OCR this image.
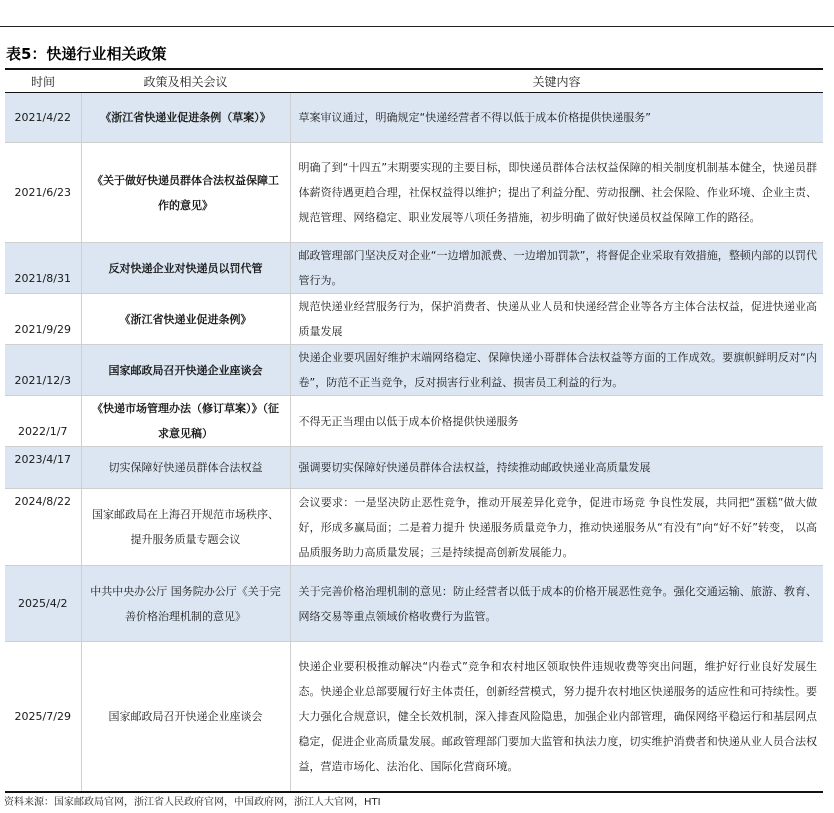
表5：快递行业相关政策
时间	政策及相关会议	关键内容
2021/4/22	《浙江省快递业促进条例（草案）》	草案审议通过，明确规定“快递经营者不得以低于成本价格提供快递服务”
2021/6/23	《关于做好快递员群体合法权益保障工作的意见》	明确了到“十四五”末期要实现的主要目标，即快递员群体合法权益保障的相关制度机制基本健全，快递员群体薪资待遇更趋合理，社保权益得以维护；提出了利益分配、劳动报酬、社会保险、作业环境、企业主责、规范管理、网络稳定、职业发展等八项任务措施，初步明确了做好快递员权益保障工作的路径。
2021/8/31	反对快递企业对快递员以罚代管	邮政管理部门坚决反对企业“一边增加派费、一边增加罚款”，将督促企业采取有效措施，整顿内部的以罚代管行为。
2021/9/29	《浙江省快递业促进条例》	规范快递业经营服务行为，保护消费者、快递从业人员和快递经营企业等各方主体合法权益，促进快递业高质量发展
2021/12/3	国家邮政局召开快递企业座谈会	快递企业要巩固好维护末端网络稳定、保障快递小哥群体合法权益等方面的工作成效。要旗帜鲜明反对“内卷”，防范不正当竞争，反对损害行业利益、损害员工利益的行为。
2022/1/7	《快递市场管理办法（修订草案）》（征求意见稿）	不得无正当理由以低于成本价格提供快递服务
2023/4/17	切实保障好快递员群体合法权益	强调要切实保障好快递员群体合法权益，持续推动邮政快递业高质量发展
2024/8/22	国家邮政局在上海召开规范市场秩序、 提升服务质量专题会议	会议要求：一是坚决防止恶性竞争，推动开展差异化竞争，促进市场竞 争良性发展，共同把“蛋糕”做大做好，形成多赢局面；二是着力提升 快递服务质量竞争力，推动快递服务从“有没有”向“好不好”转变， 以高品质服务助力高质量发展；三是持续提高创新发展能力。
2025/4/2	中共中央办公厅 国务院办公厅《关于完善价格治理机制的意见》	关于完善价格治理机制的意见：防止经营者以低于成本的价格开展恶性竞争。强化交通运输、旅游、教育、网络交易等重点领域价格收费行为监管。
2025/7/29	国家邮政局召开快递企业座谈会	快递企业要积极推动解决“内卷式”竞争和农村地区领取快件违规收费等突出问题，维护好行业良好发展生态。快递企业总部要履行好主体责任，创新经营模式，努力提升农村地区快递服务的适应性和可持续性。要大力强化合规意识，健全长效机制，深入排查风险隐患，加强企业内部管理，确保网络平稳运行和基层网点稳定，促进企业高质量发展。邮政管理部门要加大监管和执法力度，切实维护消费者和快递从业人员合法权益，营造市场化、法治化、国际化营商环境。
资料来源：国家邮政局官网，浙江省人民政府官网，中国政府网，浙江人大官网，HTI
